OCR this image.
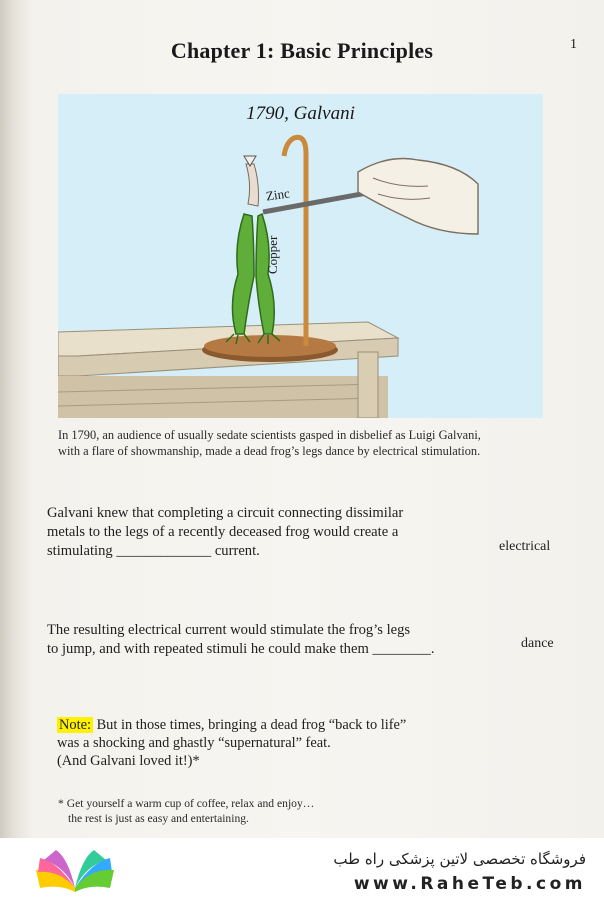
1
Chapter 1: Basic Principles
1790, Galvani
Zinc
Copper
In 1790, an audience of usually sedate scientists gasped in disbelief as Luigi Galvani,
with a flare of showmanship, made a dead frog’s legs dance by electrical stimulation.
Galvani knew that completing a circuit connecting dissimilar
metals to the legs of a recently deceased frog would create a
stimulating _____________ current.	electrical
The resulting electrical current would stimulate the frog’s legs
to jump, and with repeated stimuli he could make them ________.	dance
Note: But in those times, bringing a dead frog “back to life”
was a shocking and ghastly “supernatural” feat.
(And Galvani loved it!)*
* Get yourself a warm cup of coffee, relax and enjoy…
the rest is just as easy and entertaining.
فروشگاه تخصصی لاتین پزشکی راه طب
www.RaheTeb.com
